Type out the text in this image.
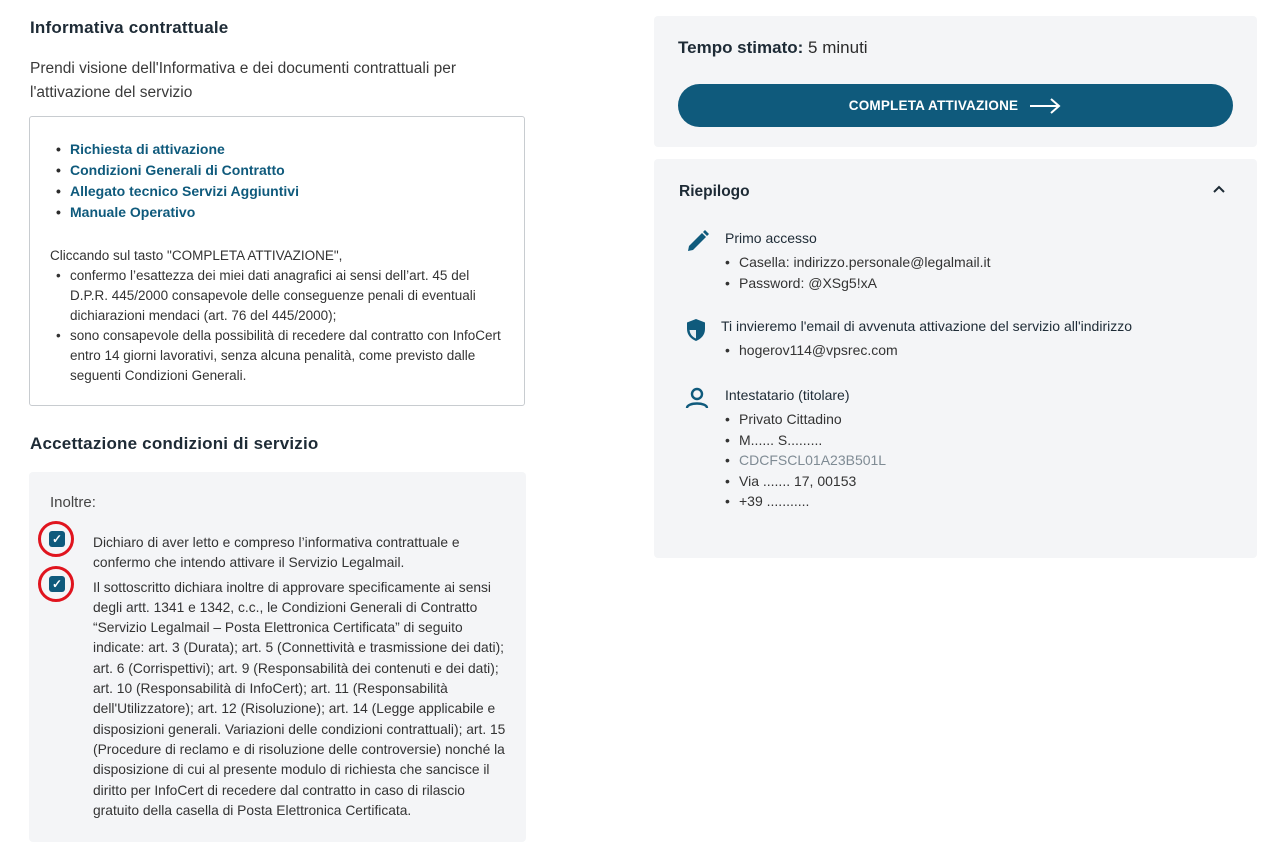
Informativa contrattuale
Prendi visione dell'Informativa e dei documenti contrattuali per l'attivazione del servizio
• Richiesta di attivazione
• Condizioni Generali di Contratto
• Allegato tecnico Servizi Aggiuntivi
• Manuale Operativo
Cliccando sul tasto "COMPLETA ATTIVAZIONE",
• confermo l’esattezza dei miei dati anagrafici ai sensi dell’art. 45 del D.P.R. 445/2000 consapevole delle conseguenze penali di eventuali dichiarazioni mendaci (art. 76 del 445/2000);
• sono consapevole della possibilità di recedere dal contratto con InfoCert entro 14 giorni lavorativi, senza alcuna penalità, come previsto dalle seguenti Condizioni Generali.
Accettazione condizioni di servizio
Inoltre:
✓ Dichiaro di aver letto e compreso l’informativa contrattuale e confermo che intendo attivare il Servizio Legalmail.
✓ Il sottoscritto dichiara inoltre di approvare specificamente ai sensi degli artt. 1341 e 1342, c.c., le Condizioni Generali di Contratto “Servizio Legalmail – Posta Elettronica Certificata” di seguito indicate: art. 3 (Durata); art. 5 (Connettività e trasmissione dei dati); art. 6 (Corrispettivi); art. 9 (Responsabilità dei contenuti e dei dati); art. 10 (Responsabilità di InfoCert); art. 11 (Responsabilità dell'Utilizzatore); art. 12 (Risoluzione); art. 14 (Legge applicabile e disposizioni generali. Variazioni delle condizioni contrattuali); art. 15 (Procedure di reclamo e di risoluzione delle controversie) nonché la disposizione di cui al presente modulo di richiesta che sancisce il diritto per InfoCert di recedere dal contratto in caso di rilascio gratuito della casella di Posta Elettronica Certificata.
Tempo stimato: 5 minuti
COMPLETA ATTIVAZIONE
Riepilogo
Primo accesso
• Casella: indirizzo.personale@legalmail.it
• Password: @XSg5!xA
Ti invieremo l'email di avvenuta attivazione del servizio all'indirizzo
• hogerov114@vpsrec.com
Intestatario (titolare)
• Privato Cittadino
• M...... S.........
• CDCFSCL01A23B501L
• Via ....... 17, 00153
• +39 ...........
